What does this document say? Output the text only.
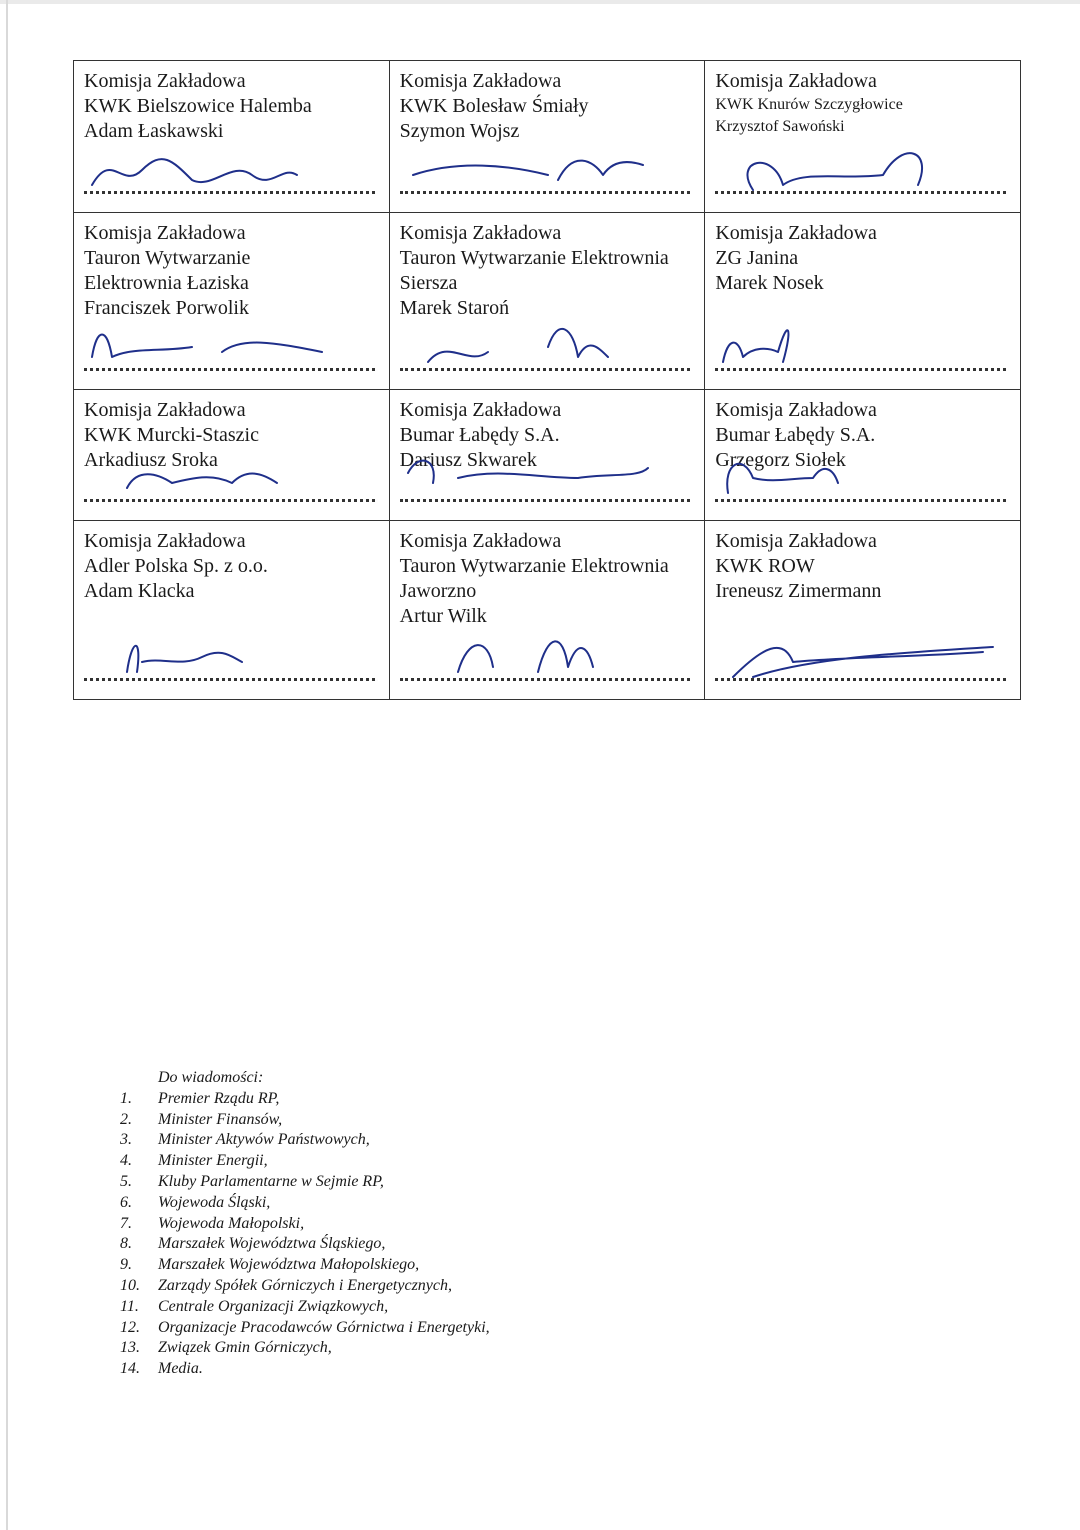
Komisja Zakładowa
KWK Bielszowice Halemba
Adam Łaskawski	Komisja Zakładowa
KWK Bolesław Śmiały
Szymon Wojsz	Komisja Zakładowa
KWK Knurów Szczygłowice
Krzysztof Sawoński

Komisja Zakładowa
Tauron Wytwarzanie
Elektrownia Łaziska
Franciszek Porwolik	Komisja Zakładowa
Tauron Wytwarzanie Elektrownia
Siersza
Marek Staroń	Komisja Zakładowa
ZG Janina
Marek Nosek

Komisja Zakładowa
KWK Murcki-Staszic
Arkadiusz Sroka	Komisja Zakładowa
Bumar Łabędy S.A.
Dariusz Skwarek	Komisja Zakładowa
Bumar Łabędy S.A.
Grzegorz Siołek

Komisja Zakładowa
Adler Polska Sp. z o.o.
Adam Klacka	Komisja Zakładowa
Tauron Wytwarzanie Elektrownia
Jaworzno
Artur Wilk	Komisja Zakładowa
KWK ROW
Ireneusz Zimermann
Do wiadomości:
1.	Premier Rządu RP,
2.	Minister Finansów,
3.	Minister Aktywów Państwowych,
4.	Minister Energii,
5.	Kluby Parlamentarne w Sejmie RP,
6.	Wojewoda Śląski,
7.	Wojewoda Małopolski,
8.	Marszałek Województwa Śląskiego,
9.	Marszałek Województwa Małopolskiego,
10.	Zarządy Spółek Górniczych i Energetycznych,
11.	Centrale Organizacji Związkowych,
12.	Organizacje Pracodawców Górnictwa i Energetyki,
13.	Związek Gmin Górniczych,
14.	Media.
